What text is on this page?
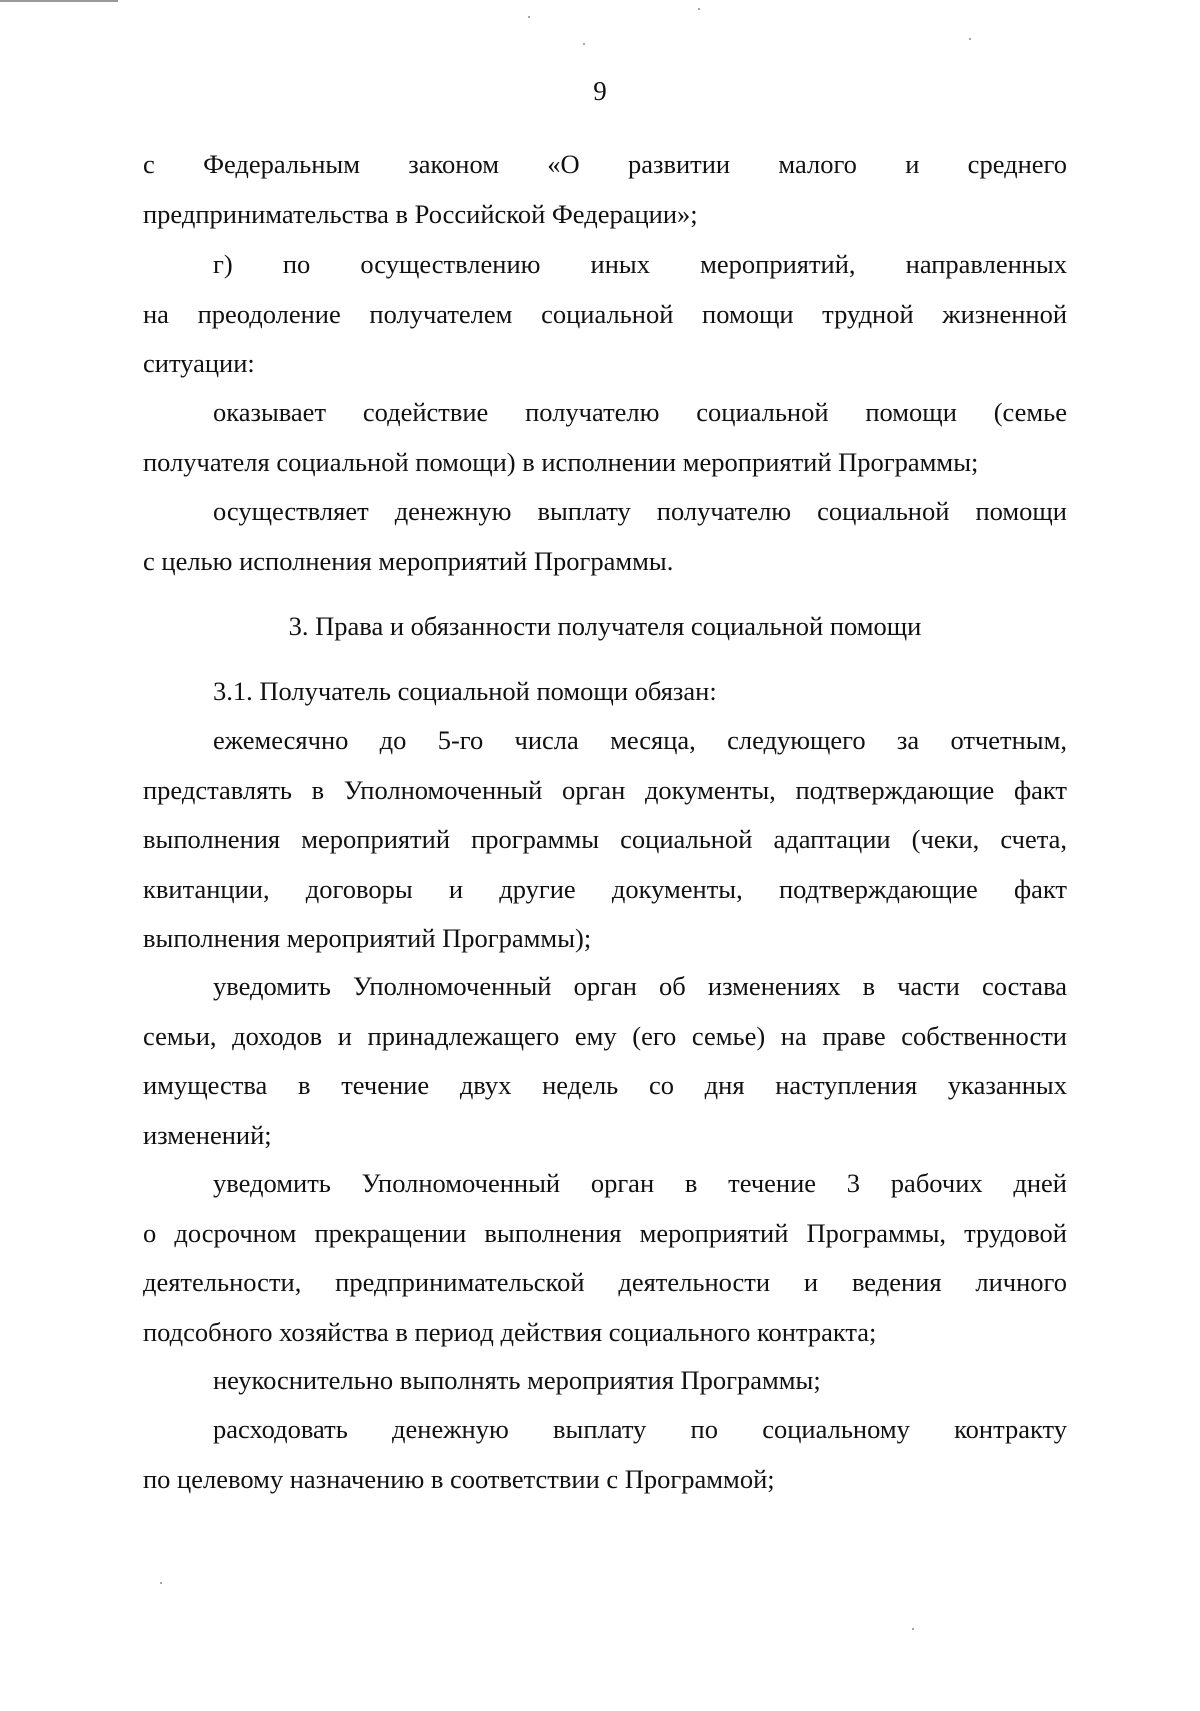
9
с Федеральным законом «О развитии малого и среднего
предпринимательства в Российской Федерации»;
г) по осуществлению иных мероприятий, направленных
на преодоление получателем социальной помощи трудной жизненной
ситуации:
оказывает содействие получателю социальной помощи (семье
получателя социальной помощи) в исполнении мероприятий Программы;
осуществляет денежную выплату получателю социальной помощи
с целью исполнения мероприятий Программы.
3. Права и обязанности получателя социальной помощи
3.1. Получатель социальной помощи обязан:
ежемесячно до 5-го числа месяца, следующего за отчетным,
представлять в Уполномоченный орган документы, подтверждающие факт
выполнения мероприятий программы социальной адаптации (чеки, счета,
квитанции, договоры и другие документы, подтверждающие факт
выполнения мероприятий Программы);
уведомить Уполномоченный орган об изменениях в части состава
семьи, доходов и принадлежащего ему (его семье) на праве собственности
имущества в течение двух недель со дня наступления указанных
изменений;
уведомить Уполномоченный орган в течение 3 рабочих дней
о досрочном прекращении выполнения мероприятий Программы, трудовой
деятельности, предпринимательской деятельности и ведения личного
подсобного хозяйства в период действия социального контракта;
неукоснительно выполнять мероприятия Программы;
расходовать денежную выплату по социальному контракту
по целевому назначению в соответствии с Программой;
